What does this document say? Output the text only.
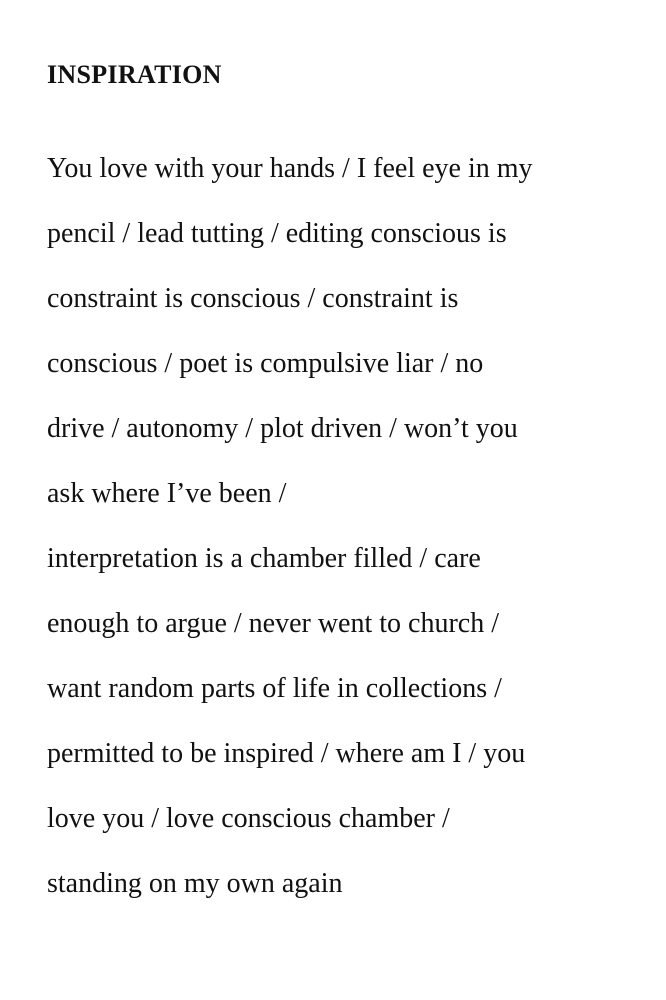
INSPIRATION
You love with your hands / I feel eye in my
pencil / lead tutting / editing conscious is
constraint is conscious / constraint is
conscious / poet is compulsive liar / no
drive / autonomy / plot driven / won’t you
ask where I’ve been /
interpretation is a chamber filled / care
enough to argue / never went to church /
want random parts of life in collections /
permitted to be inspired / where am I / you
love you / love conscious chamber /
standing on my own again
